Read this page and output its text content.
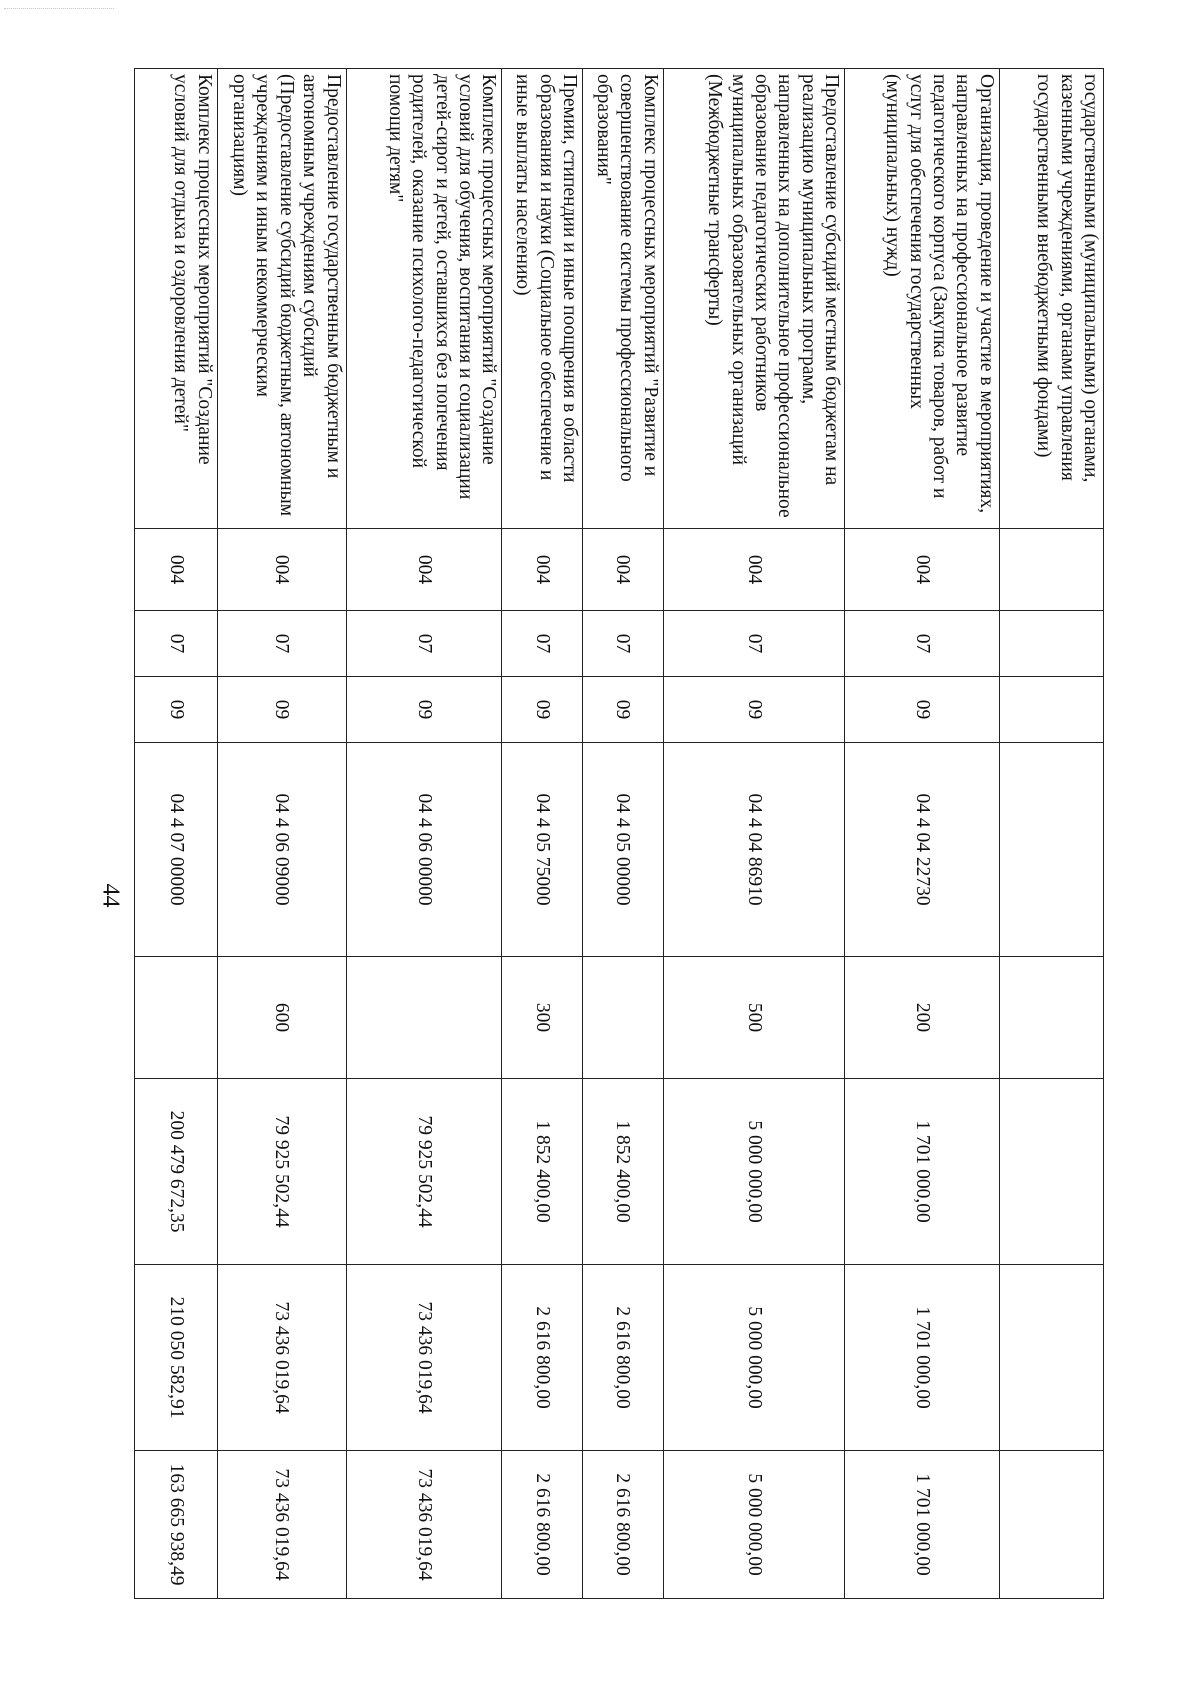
44
государственными (муниципальными) органами, казенными учреждениями, органами управления государственными внебюджетными фондами)								
Организация, проведение и участие в мероприятиях, направленных на профессиональное развитие педагогического корпуса (Закупка товаров, работ и услуг для обеспечения государственных (муниципальных) нужд)	004	07	09	04 4 04 22730	200	1 701 000,00	1 701 000,00	1 701 000,00
Предоставление субсидий местным бюджетам на реализацию муниципальных программ, направленных на дополнительное профессиональное образование педагогических работников муниципальных образовательных организаций (Межбюджетные трансферты)	004	07	09	04 4 04 86910	500	5 000 000,00	5 000 000,00	5 000 000,00
Комплекс процессных мероприятий "Развитие и совершенствование системы профессионального образования"	004	07	09	04 4 05 00000		1 852 400,00	2 616 800,00	2 616 800,00
Премии, стипендии и иные поощрения в области образования и науки (Социальное обеспечение и иные выплаты населению)	004	07	09	04 4 05 75000	300	1 852 400,00	2 616 800,00	2 616 800,00
Комплекс процессных мероприятий "Создание условий для обучения, воспитания и социализации детей-сирот и детей, оставшихся без попечения родителей, оказание психолого-педагогической помощи детям"	004	07	09	04 4 06 00000		79 925 502,44	73 436 019,64	73 436 019,64
Предоставление государственным бюджетным и автономным учреждениям субсидий (Предоставление субсидий бюджетным, автономным учреждениям и иным некоммерческим организациям)	004	07	09	04 4 06 09000	600	79 925 502,44	73 436 019,64	73 436 019,64
Комплекс процессных мероприятий "Создание условий для отдыха и оздоровления детей"	004	07	09	04 4 07 00000		200 479 672,35	210 050 582,91	163 665 938,49
